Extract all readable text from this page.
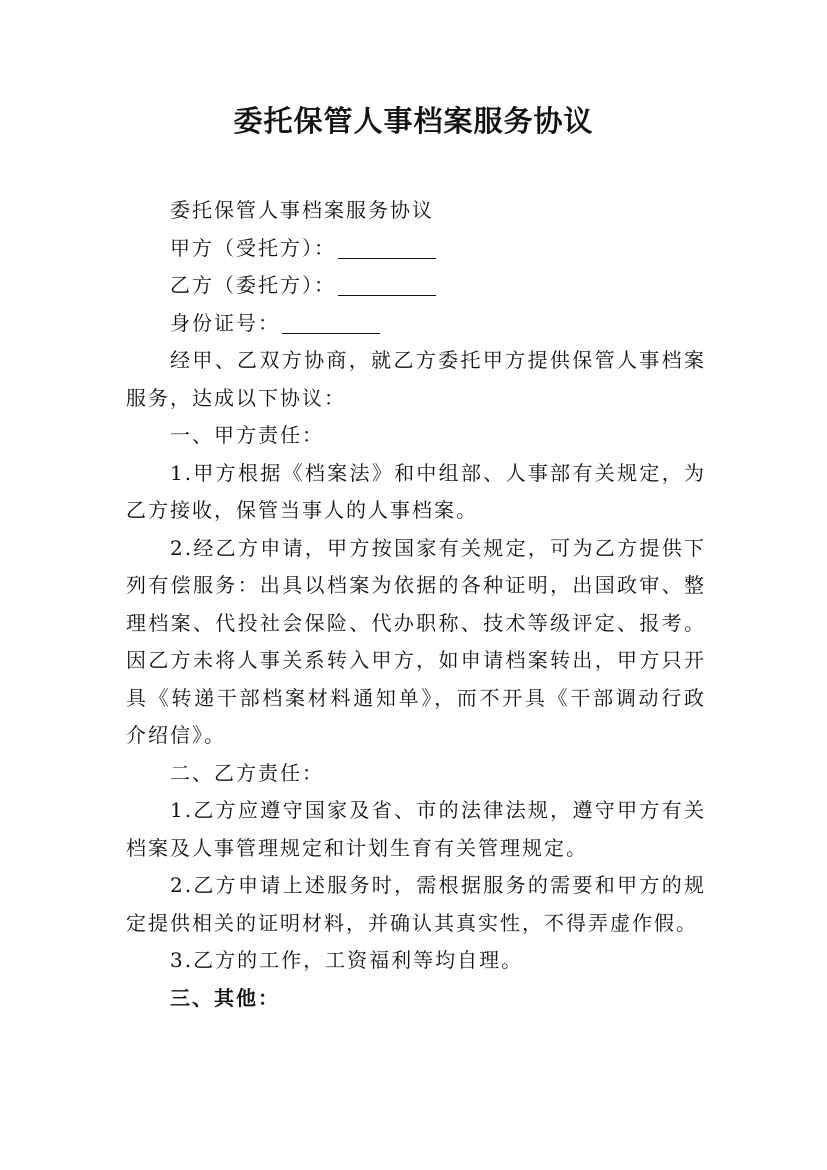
委托保管人事档案服务协议

委托保管人事档案服务协议

甲方（受托方）：

乙方（委托方）：

身份证号：

经甲、乙双方协商，就乙方委托甲方提供保管人事档案服务，达成以下协议：

一、甲方责任：

1.甲方根据《档案法》和中组部、人事部有关规定，为乙方接收，保管当事人的人事档案。

2.经乙方申请，甲方按国家有关规定，可为乙方提供下列有偿服务：出具以档案为依据的各种证明，出国政审、整理档案、代投社会保险、代办职称、技术等级评定、报考。因乙方未将人事关系转入甲方，如申请档案转出，甲方只开具《转递干部档案材料通知单》，而不开具《干部调动行政介绍信》。

二、乙方责任：

1.乙方应遵守国家及省、市的法律法规，遵守甲方有关档案及人事管理规定和计划生育有关管理规定。

2.乙方申请上述服务时，需根据服务的需要和甲方的规定提供相关的证明材料，并确认其真实性，不得弄虚作假。

3.乙方的工作，工资福利等均自理。

三、其他：
